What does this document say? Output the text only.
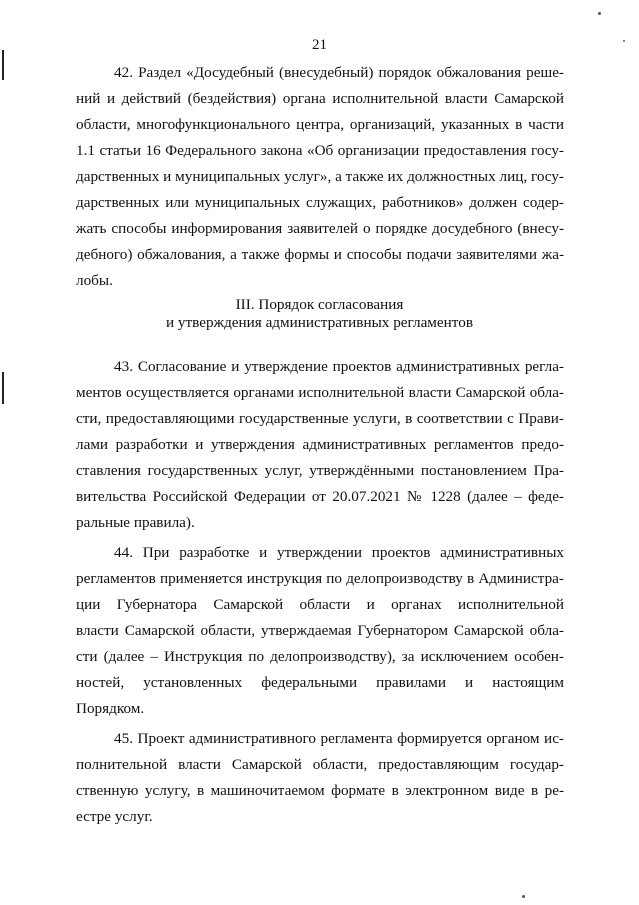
21
42. Раздел «Досудебный (внесудебный) порядок обжалования реше-
ний и действий (бездействия) органа исполнительной власти Самарской
области, многофункционального центра, организаций, указанных в части
1.1 статьи 16 Федерального закона «Об организации предоставления госу-
дарственных и муниципальных услуг», а также их должностных лиц, госу-
дарственных или муниципальных служащих, работников» должен содер-
жать способы информирования заявителей о порядке досудебного (внесу-
дебного) обжалования, а также формы и способы подачи заявителями жа-
лобы.
III. Порядок согласования
и утверждения административных регламентов
43. Согласование и утверждение проектов административных регла-
ментов осуществляется органами исполнительной власти Самарской обла-
сти, предоставляющими государственные услуги, в соответствии с Прави-
лами разработки и утверждения административных регламентов предо-
ставления государственных услуг, утверждёнными постановлением Пра-
вительства Российской Федерации от 20.07.2021 № 1228 (далее – феде-
ральные правила).
44. При разработке и утверждении проектов административных
регламентов применяется инструкция по делопроизводству в Администра-
ции Губернатора Самарской области и органах исполнительной
власти Самарской области, утверждаемая Губернатором Самарской обла-
сти (далее – Инструкция по делопроизводству), за исключением особен-
ностей, установленных федеральными правилами и настоящим
Порядком.
45. Проект административного регламента формируется органом ис-
полнительной власти Самарской области, предоставляющим государ-
ственную услугу, в машиночитаемом формате в электронном виде в ре-
естре услуг.
